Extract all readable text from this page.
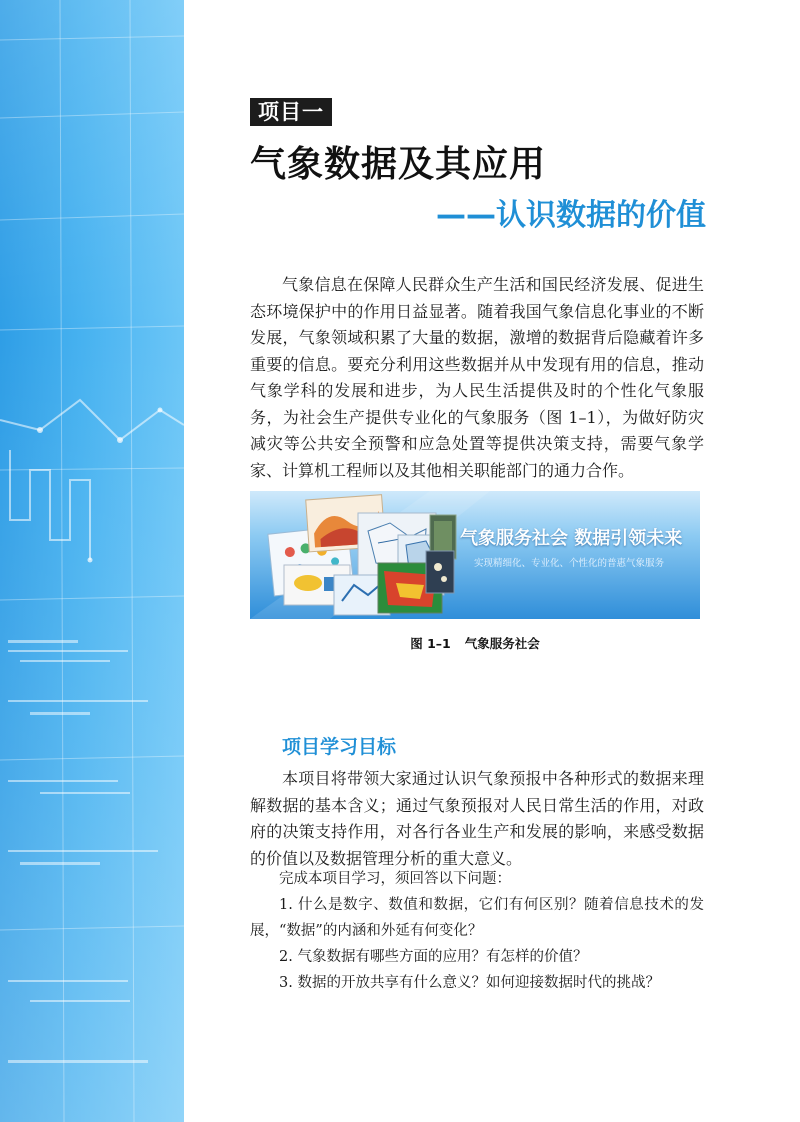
项目一
气象数据及其应用
——认识数据的价值

气象信息在保障人民群众生产生活和国民经济发展、促进生态环境保护中的作用日益显著。随着我国气象信息化事业的不断发展，气象领域积累了大量的数据，激增的数据背后隐藏着许多重要的信息。要充分利用这些数据并从中发现有用的信息，推动气象学科的发展和进步，为人民生活提供及时的个性化气象服务，为社会生产提供专业化的气象服务（图 1–1），为做好防灾减灾等公共安全预警和应急处置等提供决策支持，需要气象学家、计算机工程师以及其他相关职能部门的通力合作。

气象服务社会 数据引领未来
实现精细化、专业化、个性化的普惠气象服务
图 1–1 气象服务社会
项目学习目标

本项目将带领大家通过认识气象预报中各种形式的数据来理解数据的基本含义；通过气象预报对人民日常生活的作用，对政府的决策支持作用，对各行各业生产和发展的影响，来感受数据的价值以及数据管理分析的重大意义。

完成本项目学习，须回答以下问题：

1. 什么是数字、数值和数据，它们有何区别？随着信息技术的发展，“数据”的内涵和外延有何变化？

2. 气象数据有哪些方面的应用？有怎样的价值？

3. 数据的开放共享有什么意义？如何迎接数据时代的挑战？
